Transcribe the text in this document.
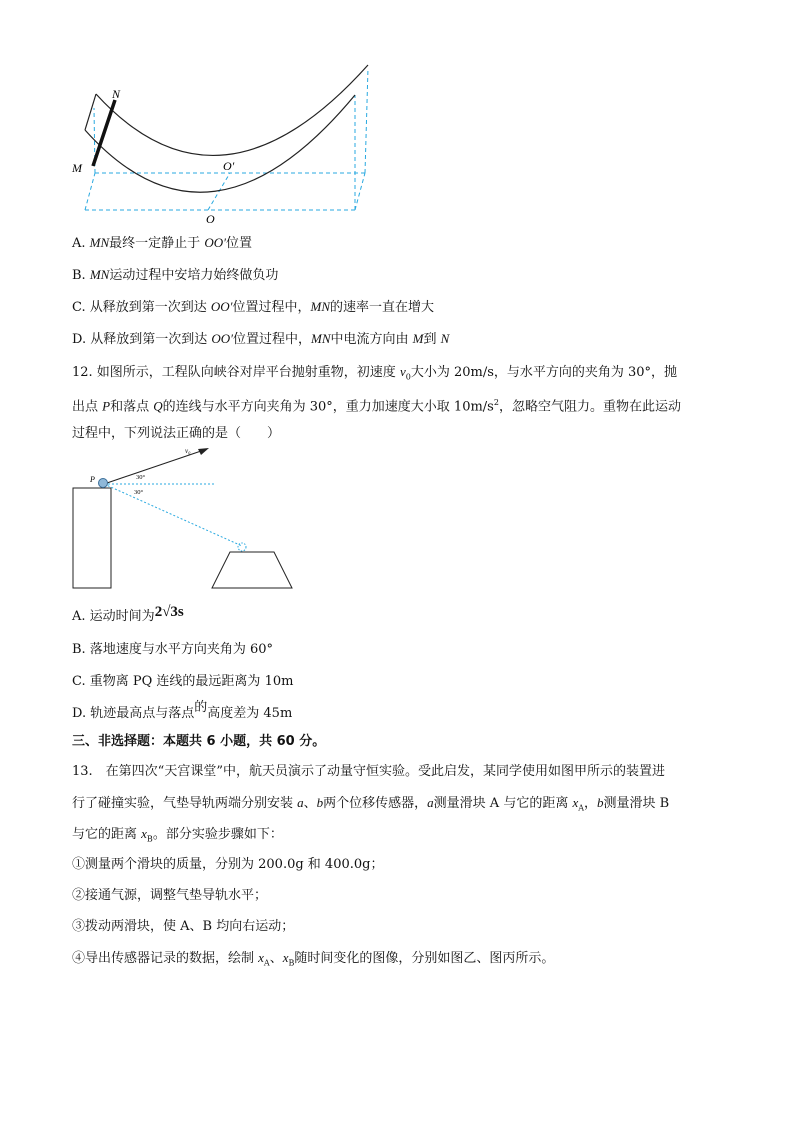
N
M	O′
O
A. MN最终一定静止于 OO′位置
B. MN运动过程中安培力始终做负功
C. 从释放到第一次到达 OO′位置过程中，MN的速率一直在增大
D. 从释放到第一次到达 OO′位置过程中，MN中电流方向由 M到 N
12. 如图所示，工程队向峡谷对岸平台抛射重物，初速度 $v_0$大小为 20m/s，与水平方向的夹角为 30°，抛
出点 P和落点 Q的连线与水平方向夹角为 30°，重力加速度大小取 $10m/s^2$，忽略空气阻力。重物在此运动
过程中，下列说法正确的是（　　）
P
v₀
30°
30°
A. 运动时间为2√3s
B. 落地速度与水平方向夹角为 60°
C. 重物离 PQ 连线的最远距离为 10m
D. 轨迹最高点与落点的高度差为 45m
三、非选择题：本题共 6 小题，共 60 分。
13.　在第四次“天宫课堂”中，航天员演示了动量守恒实验。受此启发，某同学使用如图甲所示的装置进
行了碰撞实验，气垫导轨两端分别安装 a、b两个位移传感器，a测量滑块 A 与它的距离 $x_A$，b测量滑块 B
与它的距离 $x_B$。部分实验步骤如下：
①测量两个滑块的质量，分别为 200.0g 和 400.0g；
②接通气源，调整气垫导轨水平；
③拨动两滑块，使 A、B 均向右运动；
④导出传感器记录的数据，绘制 $x_A$、$x_B$随时间变化的图像，分别如图乙、图丙所示。
